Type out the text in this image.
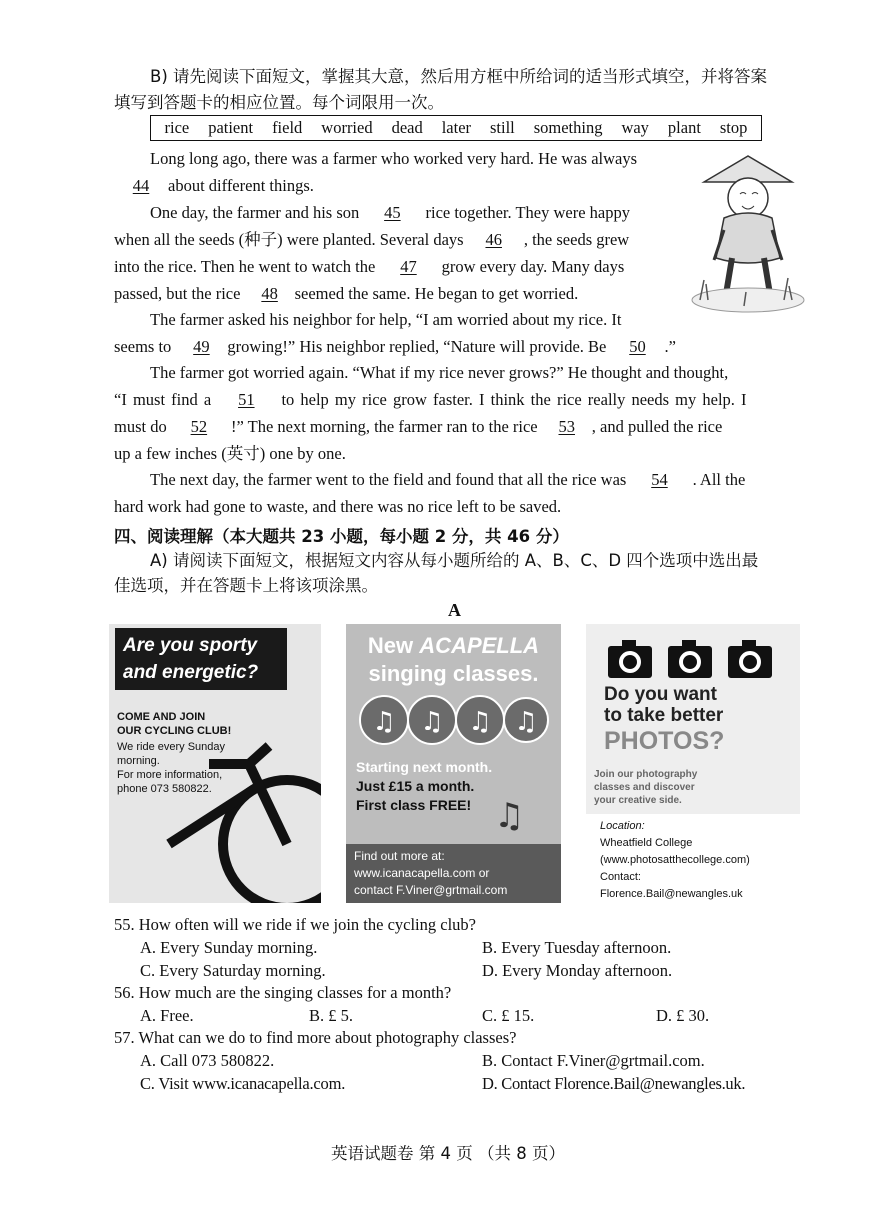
B) 请先阅读下面短文，掌握其大意，然后用方框中所给词的适当形式填空，并将答案
填写到答题卡的相应位置。每个词限用一次。
rice patient field worried dead later still something way plant stop
Long long ago, there was a farmer who worked very hard. He was always
44 about different things.
One day, the farmer and his son 45 rice together. They were happy
when all the seeds (种子) were planted. Several days 46 , the seeds grew
into the rice. Then he went to watch the 47 grow every day. Many days
passed, but the rice 48 seemed the same. He began to get worried.
The farmer asked his neighbor for help, “I am worried about my rice. It
seems to 49 growing!” His neighbor replied, “Nature will provide. Be 50 .”
The farmer got worried again. “What if my rice never grows?” He thought and thought,
“I must find a 51 to help my rice grow faster. I think the rice really needs my help. I
must do 52 !” The next morning, the farmer ran to the rice 53 , and pulled the rice
up a few inches (英寸) one by one.
The next day, the farmer went to the field and found that all the rice was 54 . All the
hard work had gone to waste, and there was no rice left to be saved.
四、阅读理解（本大题共 23 小题，每小题 2 分，共 46 分）
A) 请阅读下面短文，根据短文内容从每小题所给的 A、B、C、D 四个选项中选出最
佳选项，并在答题卡上将该项涂黑。
A
Are you sporty
and energetic?
COME AND JOIN
OUR CYCLING CLUB!
We ride every Sunday
morning.
For more information,
phone 073 580822.
New ACAPELLA
singing classes.
♫ ♫ ♫ ♫
Starting next month.
Just £15 a month.
First class FREE! ♫
Find out more at:
www.icanacapella.com or
contact F.Viner@grtmail.com
Do you want
to take better
PHOTOS?
Join our photography
classes and discover
your creative side.
Location:
Wheatfield College
(www.photosatthecollege.com)
Contact:
Florence.Bail@newangles.uk
55. How often will we ride if we join the cycling club?
A. Every Sunday morning.	B. Every Tuesday afternoon.
C. Every Saturday morning.	D. Every Monday afternoon.
56. How much are the singing classes for a month?
A. Free.	B. £ 5.	C. £ 15.	D. £ 30.
57. What can we do to find more about photography classes?
A. Call 073 580822.	B. Contact F.Viner@grtmail.com.
C. Visit www.icanacapella.com.	D. Contact Florence.Bail@newangles.uk.
英语试题卷 第 4 页 （共 8 页）
